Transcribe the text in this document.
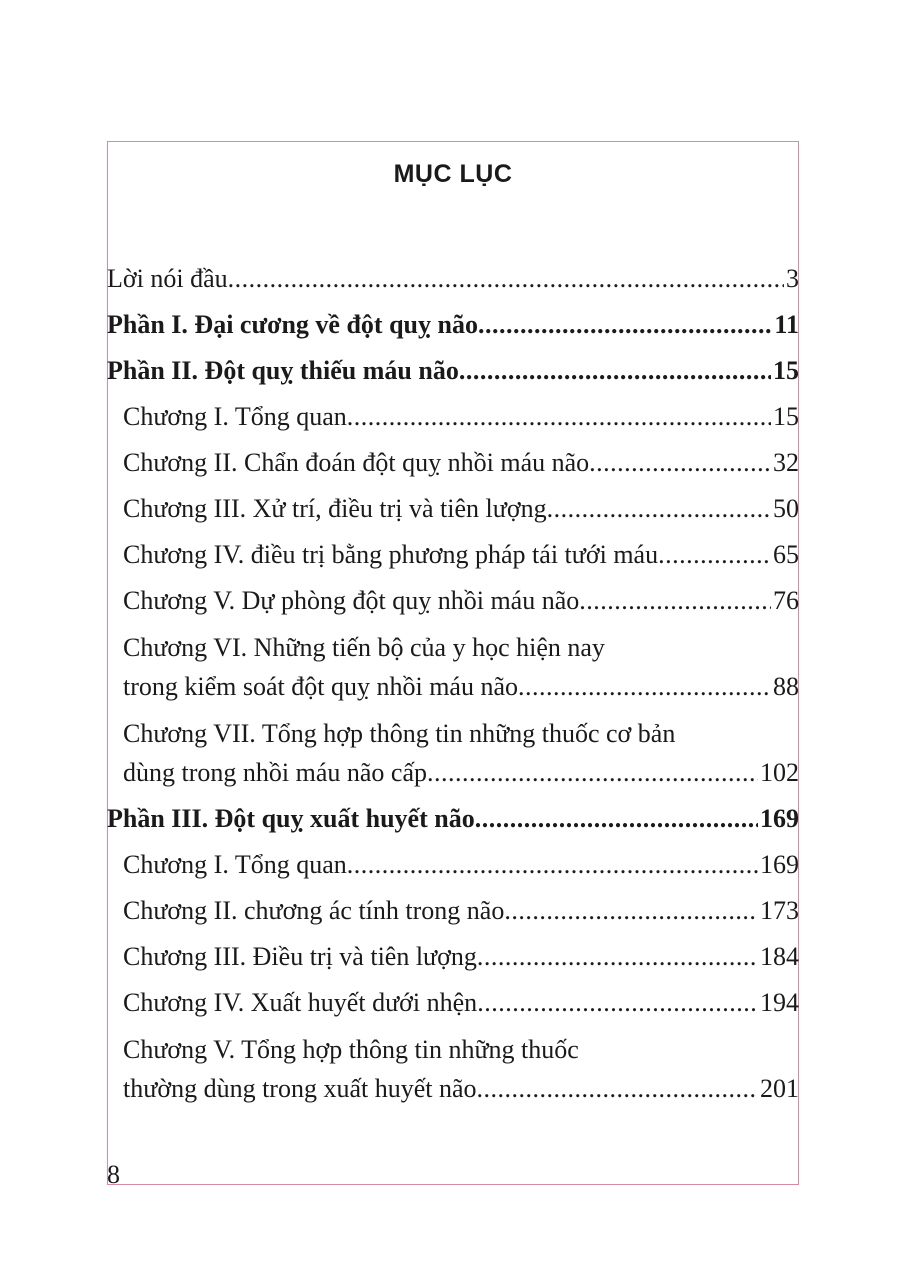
MỤC LỤC
Lời nói đầu . . .	3
Phần I. Đại cương về đột quỵ não . . .	11
Phần II. Đột quỵ thiếu máu não . . .	15
Chương I. Tổng quan . . .	15
Chương II. Chẩn đoán đột quỵ nhồi máu não . . .	32
Chương III. Xử trí, điều trị và tiên lượng . . .	50
Chương IV. điều trị bằng phương pháp tái tưới máu . . .	65
Chương V. Dự phòng đột quỵ nhồi máu não . . .	76
Chương VI. Những tiến bộ của y học hiện nay
trong kiểm soát đột quỵ nhồi máu não . . .	88
Chương VII. Tổng hợp thông tin những thuốc cơ bản
dùng trong nhồi máu não cấp . . .	102
Phần III. Đột quỵ xuất huyết não . . .	169
Chương I. Tổng quan . . .	169
Chương II. chương ác tính trong não . . .	173
Chương III. Điều trị và tiên lượng . . .	184
Chương IV. Xuất huyết dưới nhện . . .	194
Chương V. Tổng hợp thông tin những thuốc
thường dùng trong xuất huyết não . . .	201
8
